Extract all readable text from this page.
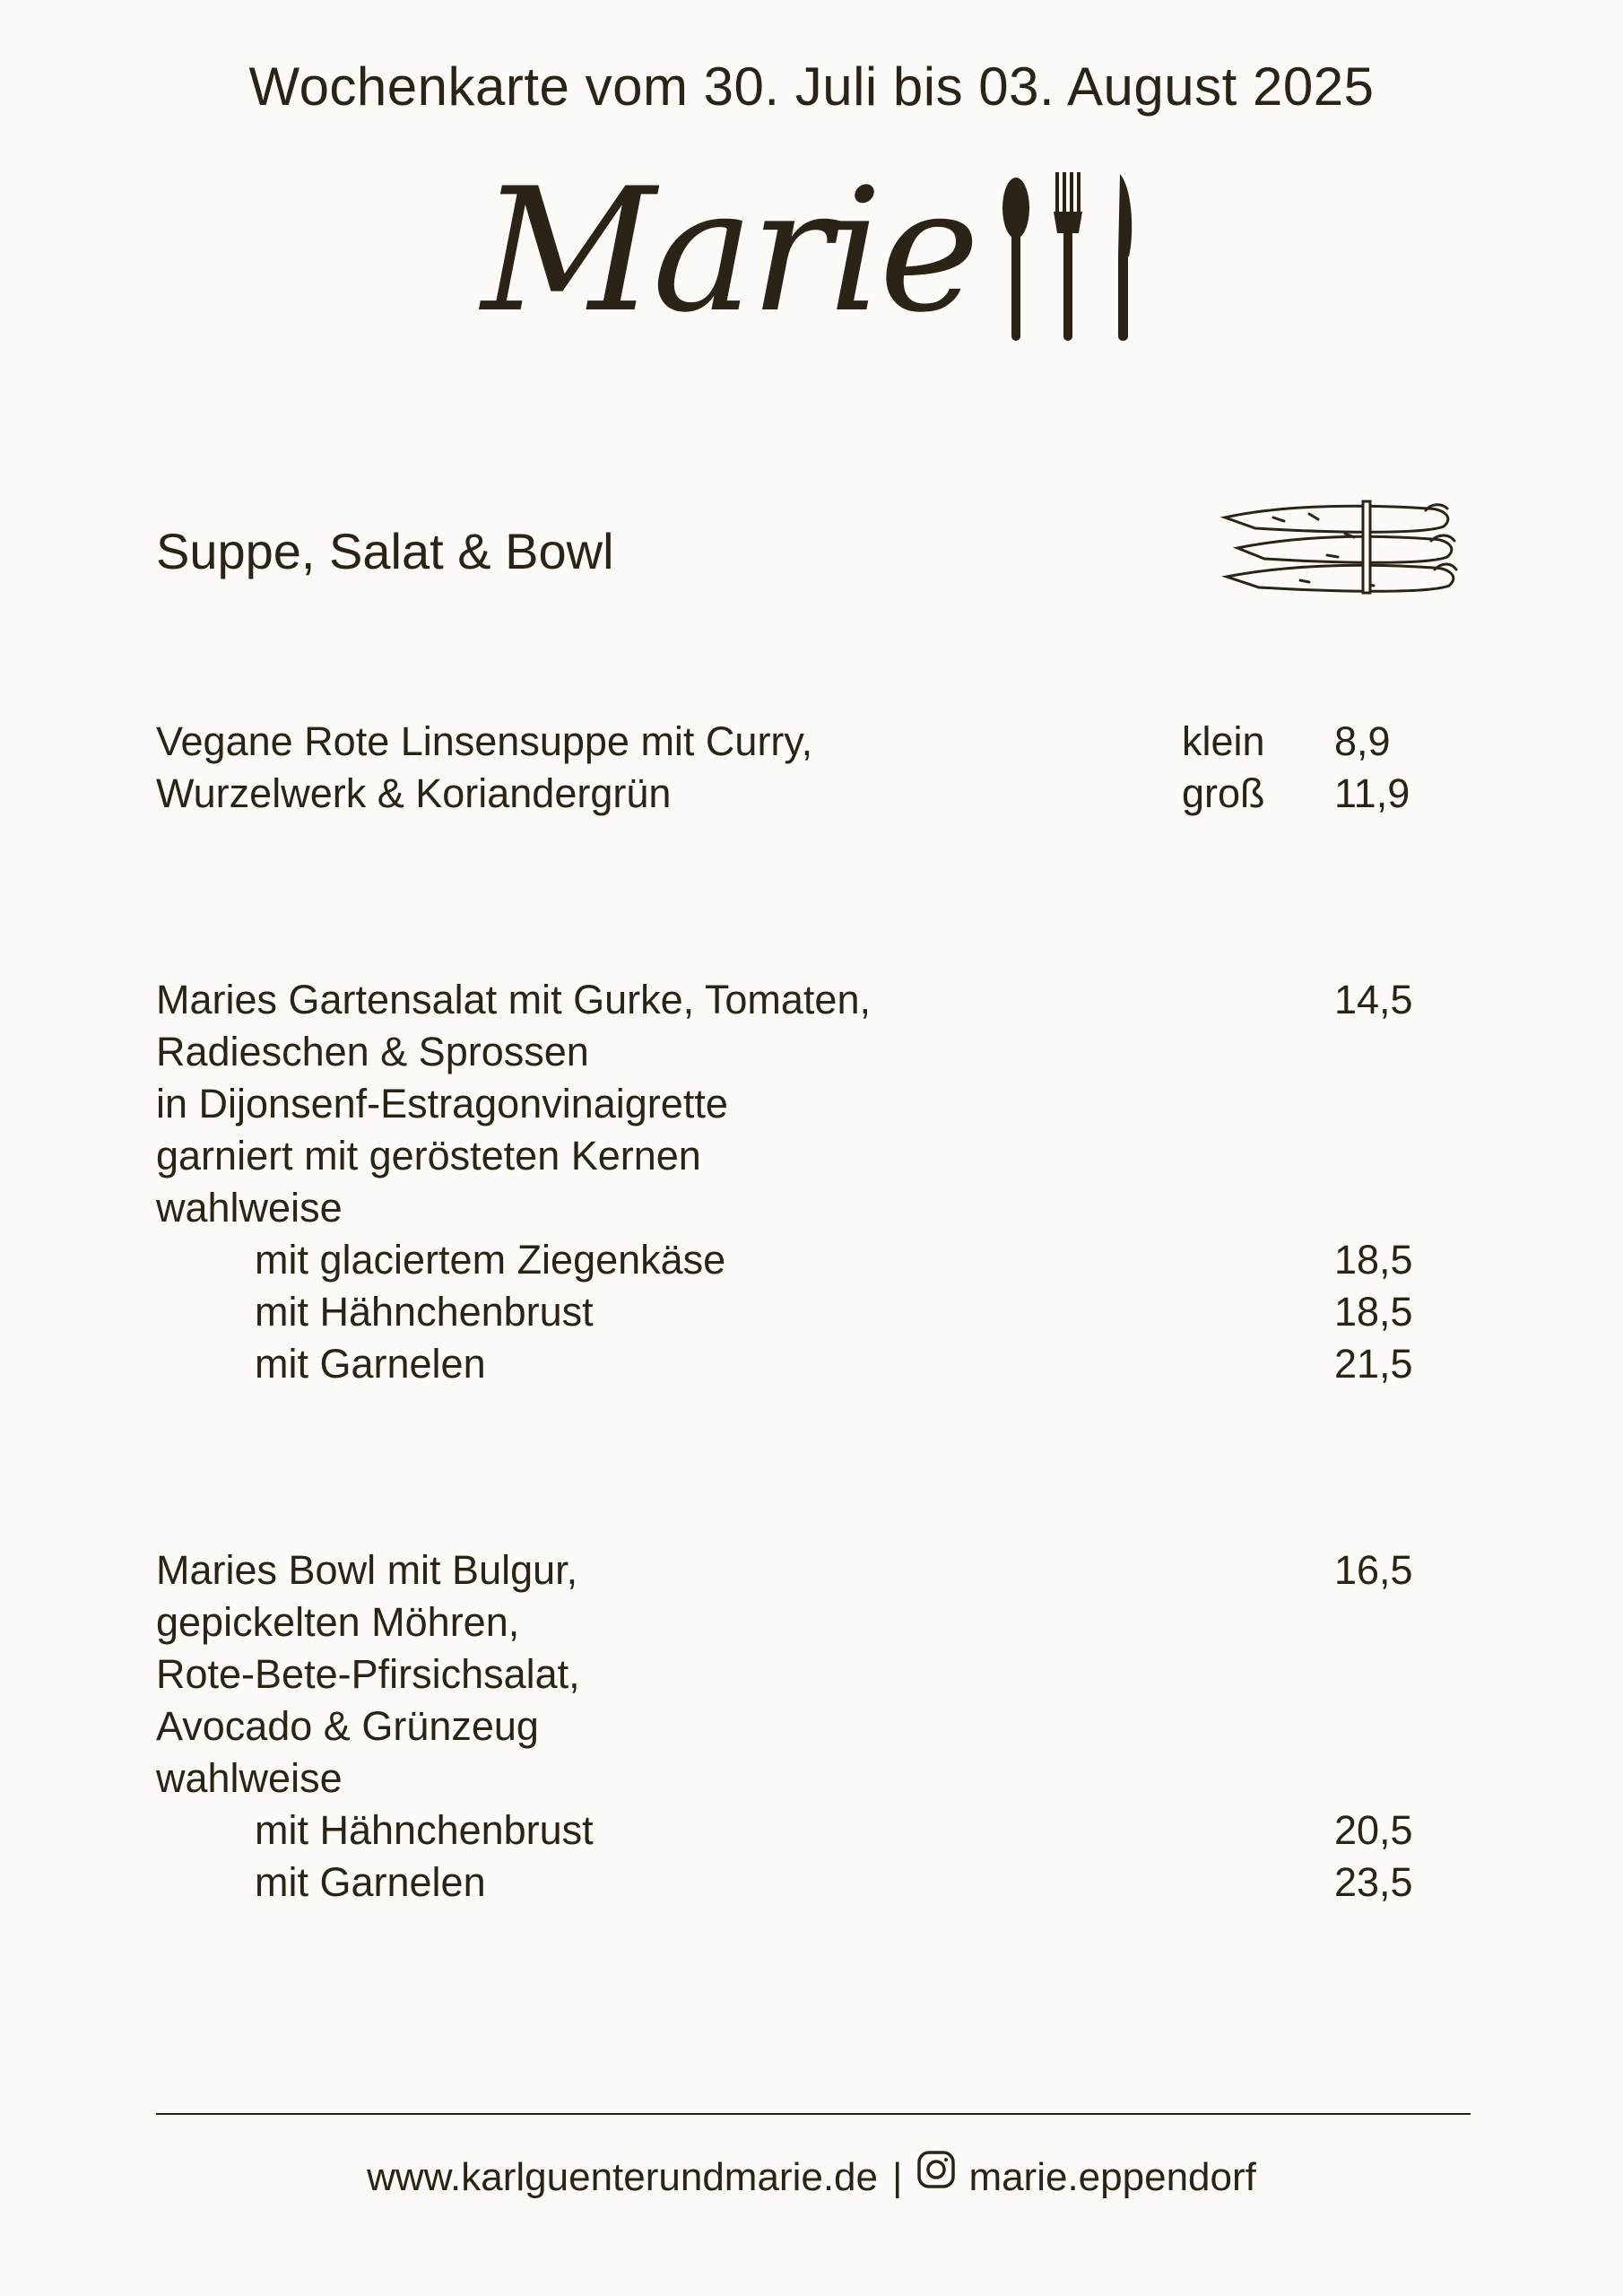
Wochenkarte vom 30. Juli bis 03. August 2025
Marie
Suppe, Salat & Bowl
Vegane Rote Linsensuppe mit Curry,	klein 8,9
Wurzelwerk & Koriandergrün	groß 11,9
Maries Gartensalat mit Gurke, Tomaten,	14,5
Radieschen & Sprossen
in Dijonsenf-Estragonvinaigrette
garniert mit gerösteten Kernen
wahlweise
mit glaciertem Ziegenkäse	18,5
mit Hähnchenbrust	18,5
mit Garnelen	21,5
Maries Bowl mit Bulgur,	16,5
gepickelten Möhren,
Rote-Bete-Pfirsichsalat,
Avocado & Grünzeug
wahlweise
mit Hähnchenbrust	20,5
mit Garnelen	23,5
www.karlguenterundmarie.de | marie.eppendorf
